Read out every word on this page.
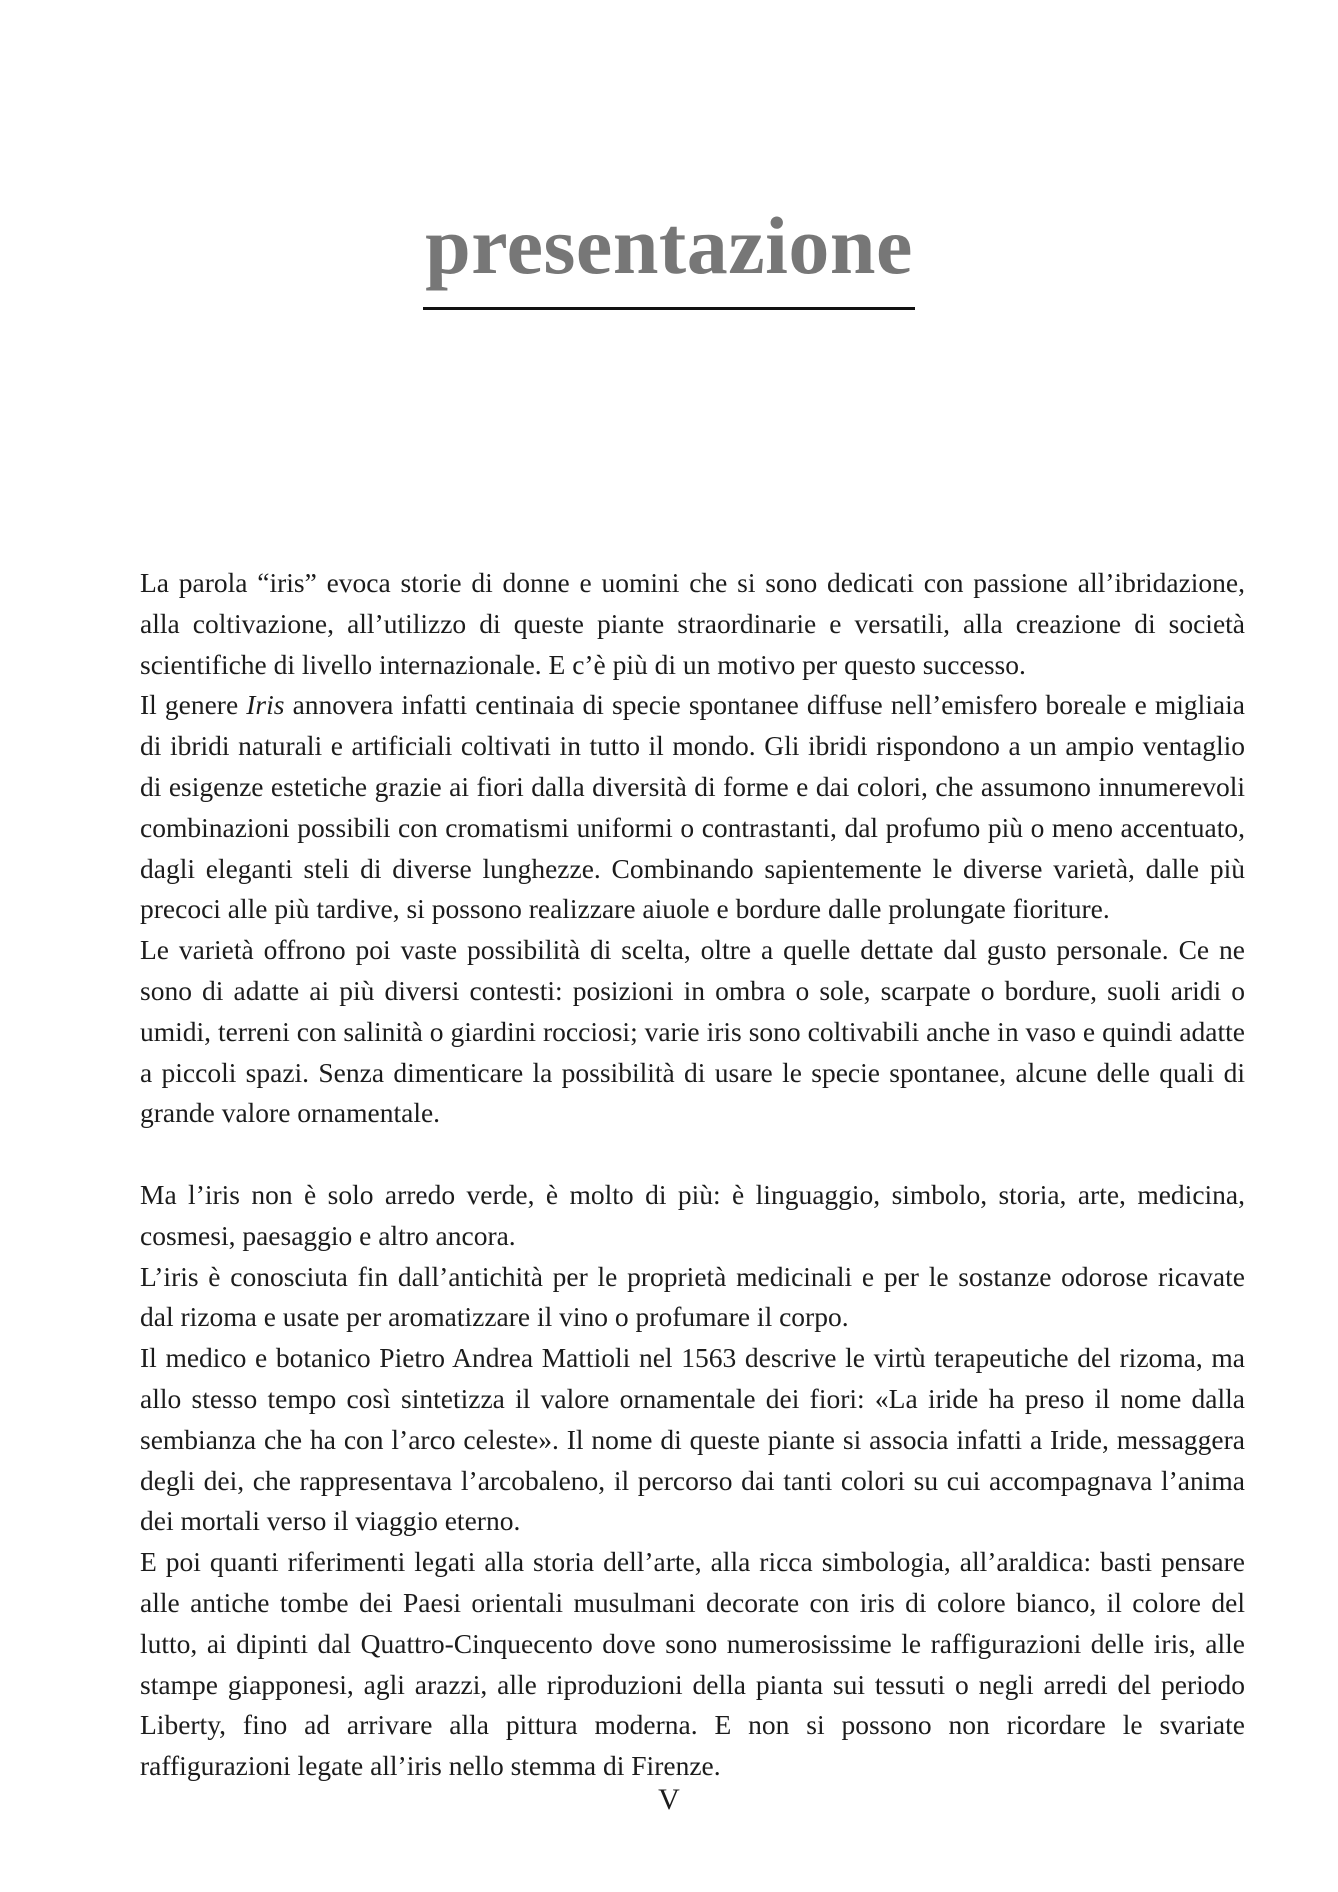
presentazione

La parola “iris” evoca storie di donne e uomini che si sono dedicati con passione all’ibridazione, alla coltivazione, all’utilizzo di queste piante straordinarie e versatili, alla creazione di società scientifiche di livello internazionale. E c’è più di un motivo per questo successo.

Il genere Iris annovera infatti centinaia di specie spontanee diffuse nell’emisfero boreale e migliaia di ibridi naturali e artificiali coltivati in tutto il mondo. Gli ibridi rispondono a un ampio ventaglio di esigenze estetiche grazie ai fiori dalla diversità di forme e dai colori, che assumono innumerevoli combinazioni possibili con cromatismi uniformi o contrastanti, dal profumo più o meno accentuato, dagli eleganti steli di diverse lunghezze. Combinando sapientemente le diverse varietà, dalle più precoci alle più tardive, si possono realizzare aiuole e bordure dalle prolungate fioriture.

Le varietà offrono poi vaste possibilità di scelta, oltre a quelle dettate dal gusto personale. Ce ne sono di adatte ai più diversi contesti: posizioni in ombra o sole, scarpate o bordure, suoli aridi o umidi, terreni con salinità o giardini rocciosi; varie iris sono coltivabili anche in vaso e quindi adatte a piccoli spazi. Senza dimenticare la possibilità di usare le specie spontanee, alcune delle quali di grande valore ornamentale.

Ma l’iris non è solo arredo verde, è molto di più: è linguaggio, simbolo, storia, arte, medicina, cosmesi, paesaggio e altro ancora.

L’iris è conosciuta fin dall’antichità per le proprietà medicinali e per le sostanze odorose ricavate dal rizoma e usate per aromatizzare il vino o profumare il corpo.

Il medico e botanico Pietro Andrea Mattioli nel 1563 descrive le virtù terapeutiche del rizoma, ma allo stesso tempo così sintetizza il valore ornamentale dei fiori: «La iride ha preso il nome dalla sembianza che ha con l’arco celeste». Il nome di queste piante si associa infatti a Iride, messaggera degli dei, che rappresentava l’arcobaleno, il percorso dai tanti colori su cui accompagnava l’anima dei mortali verso il viaggio eterno.

E poi quanti riferimenti legati alla storia dell’arte, alla ricca simbologia, all’araldica: basti pensare alle antiche tombe dei Paesi orientali musulmani decorate con iris di colore bianco, il colore del lutto, ai dipinti dal Quattro-Cinquecento dove sono numerosissime le raffigurazioni delle iris, alle stampe giapponesi, agli arazzi, alle riproduzioni della pianta sui tessuti o negli arredi del periodo Liberty, fino ad arrivare alla pittura moderna. E non si possono non ricordare le svariate raffigurazioni legate all’iris nello stemma di Firenze.

V
